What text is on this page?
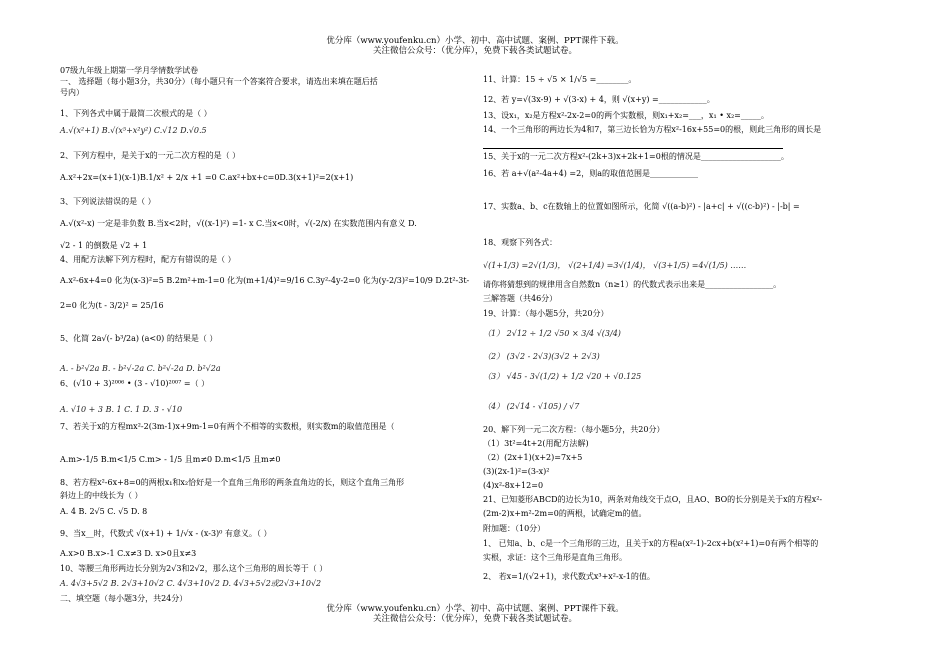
优分库（www.youfenku.cn）小学、初中、高中试题、案例、PPT课件下载。
关注微信公众号：（优分库），免费下载各类试题试卷。
07级九年级上期第一学月学情数学试卷
一、 选择题（每小题3分，共30分）（每小题只有一个答案符合要求，请选出来填在题后括
号内）
1、下列各式中属于最简二次根式的是（ ）
A.√(x²+1) B.√(x⁵+x²y²) C.√12 D.√0.5
2、下列方程中，是关于x的一元二次方程的是（ ）
A.x²+2x=(x+1)(x-1)B.1/x² + 2/x +1 =0 C.ax²+bx+c=0D.3(x+1)²=2(x+1)
3、下列说法错误的是（ ）
A.√(x²-x) 一定是非负数 B.当x<2时，√((x-1)²) =1- x C.当x<0时，√(-2/x) 在实数范围内有意义 D.
√2 - 1 的倒数是 √2 + 1
4、用配方法解下列方程时，配方有错误的是（ ）
A.x²-6x+4=0 化为(x-3)²=5 B.2m²+m-1=0 化为(m+1/4)²=9/16 C.3y²-4y-2=0 化为(y-2/3)²=10/9 D.2t²-3t-
2=0 化为(t - 3/2)² = 25/16
5、化简 2a√(- b³/2a) (a<0) 的结果是（ ）
A. - b²√2a B. - b²√-2a C. b²√-2a D. b²√2a
6、(√10 + 3)²⁰⁰⁶ • (3 - √10)²⁰⁰⁷ =（ ）
A. √10 + 3 B. 1 C. 1 D. 3 - √10
7、若关于x的方程mx²-2(3m-1)x+9m-1=0有两个不相等的实数根，则实数m的取值范围是（
A.m>-1/5 B.m<1/5 C.m> - 1/5 且m≠0 D.m<1/5 且m≠0
8、若方程x²-6x+8=0的两根x₁和x₂恰好是一个直角三角形的两条直角边的长，则这个直角三角形
斜边上的中线长为（ ）
A. 4 B. 2√5 C. √5 D. 8
9、当x__时，代数式 √(x+1) + 1/√x - (x-3)⁰ 有意义。（ ）
A.x>0 B.x>-1 C.x≠3 D. x>0且x≠3
10、等腰三角形两边长分别为2√3和2√2，那么这个三角形的周长等于（ ）
A. 4√3+5√2 B. 2√3+10√2 C. 4√3+10√2 D. 4√3+5√2或2√3+10√2
二、填空题（每小题3分，共24分）
11、计算：15 ÷ √5 × 1/√5 =________。
12、若 y=√(3x-9) + √(3-x) + 4，则 √(x+y) =____________。
13、设x₁，x₂是方程x²-2x-2=0的两个实数根，则x₁+x₂=___，x₁ • x₂=_____。
14、一个三角形的两边长为4和7，第三边长恰为方程x²-16x+55=0的根，则此三角形的周长是
15、关于x的一元二次方程x²-(2k+3)x+2k+1=0根的情况是____________________。
16、若 a+√(a²-4a+4) =2，则a的取值范围是____________
17、实数a、b、c在数轴上的位置如图所示，化简 √((a-b)²) - |a+c| + √((c-b)²) - |-b| =
18、观察下列各式：
√(1+1/3) =2√(1/3)， √(2+1/4) =3√(1/4)， √(3+1/5) =4√(1/5) ……
请你将猜想到的规律用含自然数n（n≥1）的代数式表示出来是_________________。
三解答题（共46分）
19、计算：（每小题5分，共20分）
（1） 2√12 ÷ 1/2 √50 × 3/4 √(3/4)
（2） (3√2 - 2√3)(3√2 + 2√3)
（3） √45 - 3√(1/2) + 1/2 √20 + √0.125
（4） (2√14 - √105) / √7
20、解下列一元二次方程：（每小题5分，共20分）
（1）3t²=4t+2(用配方法解)
（2）(2x+1)(x+2)=7x+5
(3)(2x-1)²=(3-x)²
(4)x²-8x+12=0
21、已知菱形ABCD的边长为10，两条对角线交于点O，且AO、BO的长分别是关于x的方程x²-
(2m-2)x+m²-2m=0的两根，试确定m的值。
附加题：（10分）
1、 已知a、b、c是一个三角形的三边，且关于x的方程a(x²-1)-2cx+b(x²+1)=0有两个相等的
实根，求证：这个三角形是直角三角形。
2、 若x=1/(√2+1)，求代数式x³+x²-x-1的值。
优分库（www.youfenku.cn）小学、初中、高中试题、案例、PPT课件下载。
关注微信公众号：（优分库），免费下载各类试题试卷。
